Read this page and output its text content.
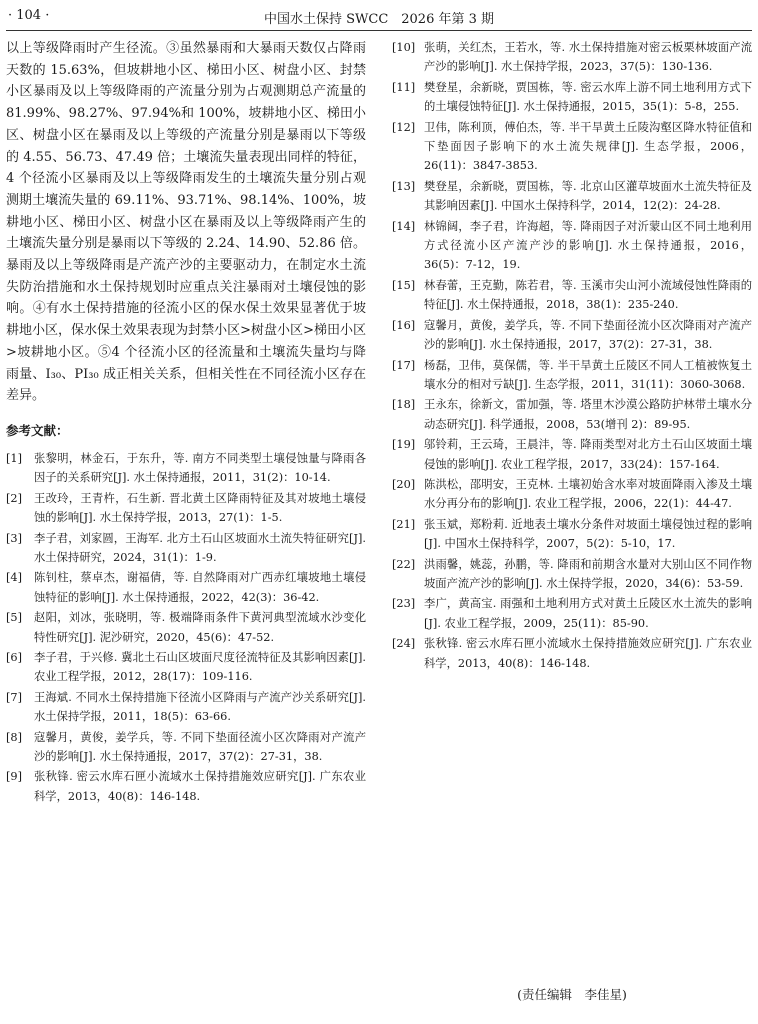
· 104 ·	中国水土保持 SWCC　2026 年第 3 期

以上等级降雨时产生径流。③虽然暴雨和大暴雨天数仅占降雨天数的 15.63%，但坡耕地小区、梯田小区、树盘小区、封禁小区暴雨及以上等级降雨的产流量分别为占观测期总产流量的 81.99%、98.27%、97.94%和 100%，坡耕地小区、梯田小区、树盘小区在暴雨及以上等级的产流量分别是暴雨以下等级的 4.55、56.73、47.49 倍；土壤流失量表现出同样的特征，4 个径流小区暴雨及以上等级降雨发生的土壤流失量分别占观测期土壤流失量的 69.11%、93.71%、98.14%、100%，坡耕地小区、梯田小区、树盘小区在暴雨及以上等级降雨产生的土壤流失量分别是暴雨以下等级的 2.24、14.90、52.86 倍。暴雨及以上等级降雨是产流产沙的主要驱动力，在制定水土流失防治措施和水土保持规划时应重点关注暴雨对土壤侵蚀的影响。④有水土保持措施的径流小区的保水保土效果显著优于坡耕地小区，保水保土效果表现为封禁小区>树盘小区>梯田小区>坡耕地小区。⑤4 个径流小区的径流量和土壤流失量均与降雨量、I₃₀、PI₃₀ 成正相关关系，但相关性在不同径流小区存在差异。

参考文献：
[1]	张黎明，林金石，于东升，等. 南方不同类型土壤侵蚀量与降雨各因子的关系研究[J]. 水土保持通报，2011，31(2)：10-14.
[2]	王改玲，王青杵，石生新. 晋北黄土区降雨特征及其对坡地土壤侵蚀的影响[J]. 水土保持学报，2013，27(1)：1-5.
[3]	李子君，刘家圆，王海军. 北方土石山区坡面水土流失特征研究[J]. 水土保持研究，2024，31(1)：1-9.
[4]	陈钊柱，蔡卓杰，谢福倩，等. 自然降雨对广西赤红壤坡地土壤侵蚀特征的影响[J]. 水土保持通报，2022，42(3)：36-42.
[5]	赵阳，刘冰，张晓明，等. 极端降雨条件下黄河典型流域水沙变化特性研究[J]. 泥沙研究，2020，45(6)：47-52.
[6]	李子君，于兴修. 冀北土石山区坡面尺度径流特征及其影响因素[J]. 农业工程学报，2012，28(17)：109-116.
[7]	王海斌. 不同水土保持措施下径流小区降雨与产流产沙关系研究[J]. 水土保持学报，2011，18(5)：63-66.
[8]	寇馨月，黄俊，姜学兵，等. 不同下垫面径流小区次降雨对产流产沙的影响[J]. 水土保持通报，2017，37(2)：27-31，38.
[9]	张秋锋. 密云水库石匣小流域水土保持措施效应研究[J]. 广东农业科学，2013，40(8)：146-148.
[10] 张萌，关红杰，王若水，等. 水土保持措施对密云板栗林坡面产流产沙的影响[J]. 水土保持学报，2023，37(5)：130-136.
[11] 樊登星，余新晓，贾国栋，等. 密云水库上游不同土地利用方式下的土壤侵蚀特征[J]. 水土保持通报，2015，35(1)：5-8，255.
[12] 卫伟，陈利顶，傅伯杰，等. 半干旱黄土丘陵沟壑区降水特征值和下垫面因子影响下的水土流失规律[J]. 生态学报，2006，26(11)：3847-3853.
[13] 樊登星，余新晓，贾国栋，等. 北京山区灌草坡面水土流失特征及其影响因素[J]. 中国水土保持科学，2014，12(2)：24-28.
[14] 林锦阔，李子君，许海超，等. 降雨因子对沂蒙山区不同土地利用方式径流小区产流产沙的影响[J]. 水土保持通报，2016，36(5)：7-12，19.
[15] 林春蕾，王克勤，陈若君，等. 玉溪市尖山河小流域侵蚀性降雨的特征[J]. 水土保持通报，2018，38(1)：235-240.
[16] 寇馨月，黄俊，姜学兵，等. 不同下垫面径流小区次降雨对产流产沙的影响[J]. 水土保持通报，2017，37(2)：27-31，38.
[17] 杨磊，卫伟，莫保儒，等. 半干旱黄土丘陵区不同人工植被恢复土壤水分的相对亏缺[J]. 生态学报，2011，31(11)：3060-3068.
[18] 王永东，徐新文，雷加强，等. 塔里木沙漠公路防护林带土壤水分动态研究[J]. 科学通报，2008，53(增刊 2)：89-95.
[19] 邬铃莉，王云琦，王晨沣，等. 降雨类型对北方土石山区坡面土壤侵蚀的影响[J]. 农业工程学报，2017，33(24)：157-164.
[20] 陈洪松，邵明安，王克林. 土壤初始含水率对坡面降雨入渗及土壤水分再分布的影响[J]. 农业工程学报，2006，22(1)：44-47.
[21] 张玉斌，郑粉莉. 近地表土壤水分条件对坡面土壤侵蚀过程的影响[J]. 中国水土保持科学，2007，5(2)：5-10，17.
[22] 洪雨馨，姚蕊，孙鹏，等. 降雨和前期含水量对大别山区不同作物坡面产流产沙的影响[J]. 水土保持学报，2020，34(6)：53-59.
[23] 李广，黄高宝. 雨强和土地利用方式对黄土丘陵区水土流失的影响[J]. 农业工程学报，2009，25(11)：85-90.
[24] 张秋锋. 密云水库石匣小流域水土保持措施效应研究[J]. 广东农业科学，2013，40(8)：146-148.
(责任编辑　李佳星)
